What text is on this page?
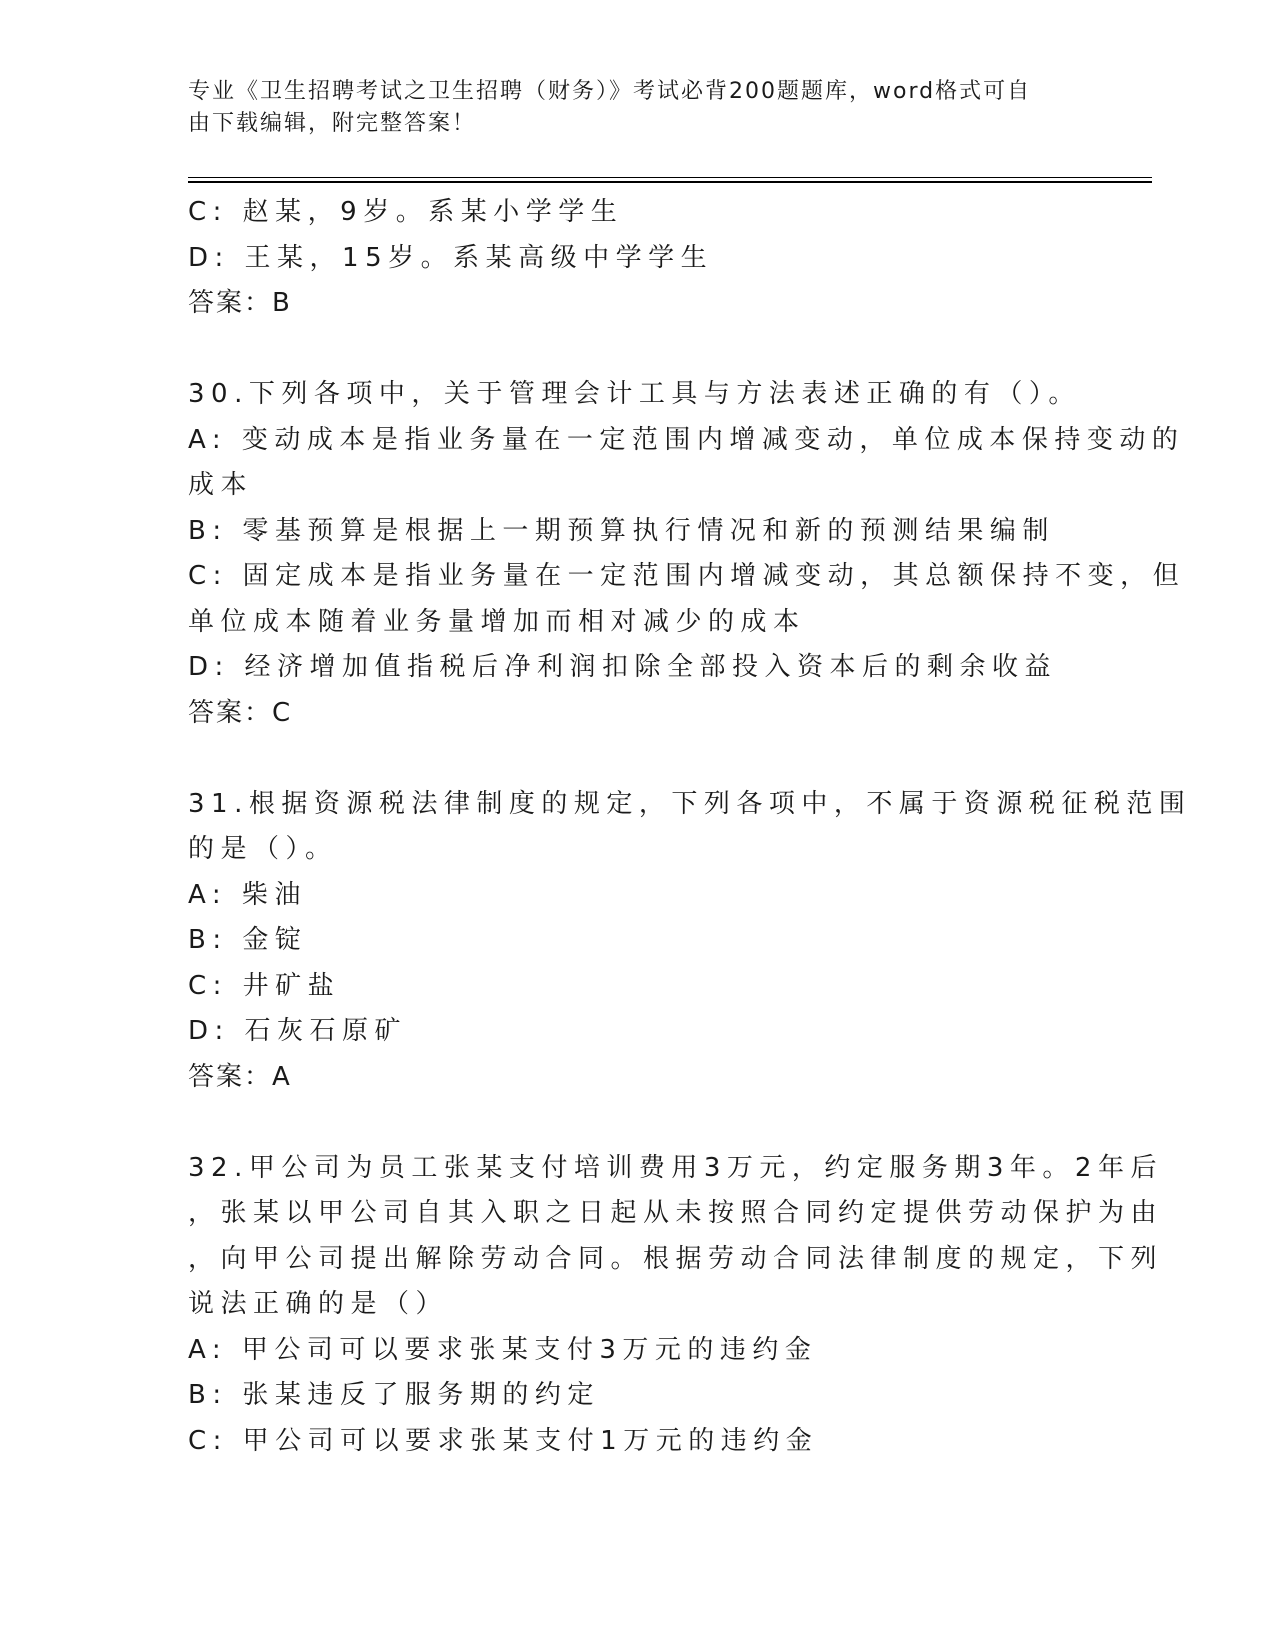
专业《卫生招聘考试之卫生招聘（财务）》考试必背200题题库，word格式可自
由下载编辑，附完整答案！
C: 赵某，9岁。系某小学学生
D: 王某，15岁。系某高级中学学生
答案：B
30.下列各项中，关于管理会计工具与方法表述正确的有（）。
A: 变动成本是指业务量在一定范围内增减变动，单位成本保持变动的
成本
B: 零基预算是根据上一期预算执行情况和新的预测结果编制
C: 固定成本是指业务量在一定范围内增减变动，其总额保持不变，但
单位成本随着业务量增加而相对减少的成本
D: 经济增加值指税后净利润扣除全部投入资本后的剩余收益
答案：C
31.根据资源税法律制度的规定，下列各项中，不属于资源税征税范围
的是（）。
A: 柴油
B: 金锭
C: 井矿盐
D: 石灰石原矿
答案：A
32.甲公司为员工张某支付培训费用3万元，约定服务期3年。2年后
，张某以甲公司自其入职之日起从未按照合同约定提供劳动保护为由
，向甲公司提出解除劳动合同。根据劳动合同法律制度的规定，下列
说法正确的是（）
A: 甲公司可以要求张某支付3万元的违约金
B: 张某违反了服务期的约定
C: 甲公司可以要求张某支付1万元的违约金
